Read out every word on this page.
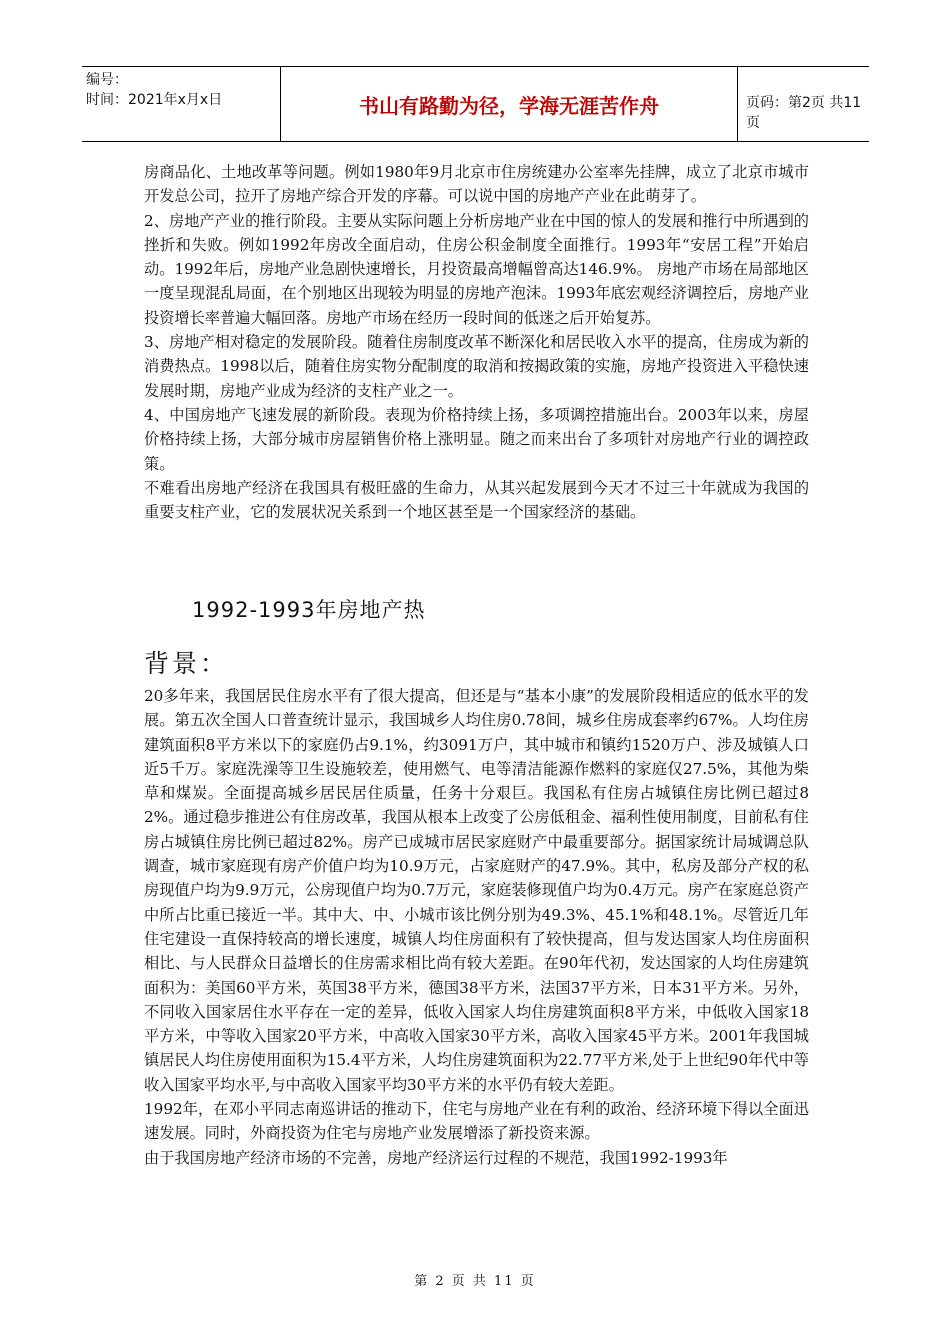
编号：
时间：2021年x月x日	书山有路勤为径，学海无涯苦作舟	页码：第2页 共11页

房商品化、土地改革等问题。例如1980年9月北京市住房统建办公室率先挂牌，成立了北京市城市开发总公司，拉开了房地产综合开发的序幕。可以说中国的房地产产业在此萌芽了。

2、房地产产业的推行阶段。主要从实际问题上分析房地产业在中国的惊人的发展和推行中所遇到的挫折和失败。例如1992年房改全面启动，住房公积金制度全面推行。1993年“安居工程”开始启动。1992年后，房地产业急剧快速增长，月投资最高增幅曾高达146.9%。 房地产市场在局部地区一度呈现混乱局面，在个别地区出现较为明显的房地产泡沫。1993年底宏观经济调控后，房地产业投资增长率普遍大幅回落。房地产市场在经历一段时间的低迷之后开始复苏。

3、房地产相对稳定的发展阶段。随着住房制度改革不断深化和居民收入水平的提高，住房成为新的消费热点。1998以后，随着住房实物分配制度的取消和按揭政策的实施，房地产投资进入平稳快速发展时期，房地产业成为经济的支柱产业之一。

4、中国房地产飞速发展的新阶段。表现为价格持续上扬，多项调控措施出台。2003年以来，房屋价格持续上扬，大部分城市房屋销售价格上涨明显。随之而来出台了多项针对房地产行业的调控政策。

不难看出房地产经济在我国具有极旺盛的生命力，从其兴起发展到今天才不过三十年就成为我国的重要支柱产业，它的发展状况关系到一个地区甚至是一个国家经济的基础。

1992-1993年房地产热
背景：

20多年来，我国居民住房水平有了很大提高，但还是与“基本小康”的发展阶段相适应的低水平的发展。第五次全国人口普查统计显示，我国城乡人均住房0.78间，城乡住房成套率约67%。人均住房建筑面积8平方米以下的家庭仍占9.1%，约3091万户，其中城市和镇约1520万户、涉及城镇人口近5千万。家庭洗澡等卫生设施较差，使用燃气、电等清洁能源作燃料的家庭仅27.5%，其他为柴草和煤炭。全面提高城乡居民居住质量，任务十分艰巨。我国私有住房占城镇住房比例已超过82%。通过稳步推进公有住房改革，我国从根本上改变了公房低租金、福利性使用制度，目前私有住房占城镇住房比例已超过82%。房产已成城市居民家庭财产中最重要部分。据国家统计局城调总队调查，城市家庭现有房产价值户均为10.9万元，占家庭财产的47.9%。其中，私房及部分产权的私房现值户均为9.9万元，公房现值户均为0.7万元，家庭装修现值户均为0.4万元。房产在家庭总资产中所占比重已接近一半。其中大、中、小城市该比例分别为49.3%、45.1%和48.1%。尽管近几年住宅建设一直保持较高的增长速度，城镇人均住房面积有了较快提高，但与发达国家人均住房面积相比、与人民群众日益增长的住房需求相比尚有较大差距。在90年代初，发达国家的人均住房建筑面积为：美国60平方米，英国38平方米，德国38平方米，法国37平方米，日本31平方米。另外，不同收入国家居住水平存在一定的差异，低收入国家人均住房建筑面积8平方米，中低收入国家18平方米，中等收入国家20平方米，中高收入国家30平方米，高收入国家45平方米。2001年我国城镇居民人均住房使用面积为15.4平方米，人均住房建筑面积为22.77平方米,处于上世纪90年代中等收入国家平均水平,与中高收入国家平均30平方米的水平仍有较大差距。

1992年，在邓小平同志南巡讲话的推动下，住宅与房地产业在有利的政治、经济环境下得以全面迅速发展。同时，外商投资为住宅与房地产业发展增添了新投资来源。

由于我国房地产经济市场的不完善，房地产经济运行过程的不规范，我国1992-1993年

第 2 页 共 11 页
